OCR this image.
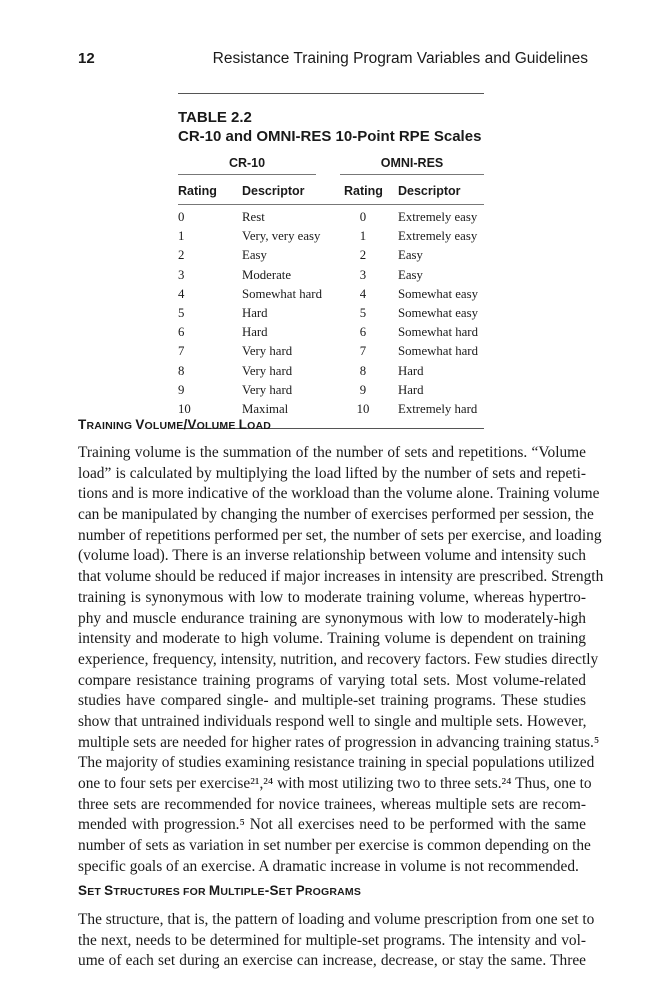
12	Resistance Training Program Variables and Guidelines
TABLE 2.2
CR-10 and OMNI-RES 10-Point RPE Scales
CR-10	OMNI-RES
Rating Descriptor	Rating Descriptor
0	Rest	0	Extremely easy
1	Very, very easy	1	Extremely easy
2	Easy	2	Easy
3	Moderate	3	Easy
4	Somewhat hard	4	Somewhat easy
5	Hard	5	Somewhat easy
6	Hard	6	Somewhat hard
7	Very hard	7	Somewhat hard
8	Very hard	8	Hard
9	Very hard	9	Hard
10	Maximal	10	Extremely hard
TRAINING VOLUME/VOLUME LOAD
Training volume is the summation of the number of sets and repetitions. “Volume
load” is calculated by multiplying the load lifted by the number of sets and repeti-
tions and is more indicative of the workload than the volume alone. Training volume
can be manipulated by changing the number of exercises performed per session, the
number of repetitions performed per set, the number of sets per exercise, and loading
(volume load). There is an inverse relationship between volume and intensity such
that volume should be reduced if major increases in intensity are prescribed. Strength
training is synonymous with low to moderate training volume, whereas hypertro-
phy and muscle endurance training are synonymous with low to moderately-high
intensity and moderate to high volume. Training volume is dependent on training
experience, frequency, intensity, nutrition, and recovery factors. Few studies directly
compare resistance training programs of varying total sets. Most volume-related
studies have compared single- and multiple-set training programs. These studies
show that untrained individuals respond well to single and multiple sets. However,
multiple sets are needed for higher rates of progression in advancing training status.⁵
The majority of studies examining resistance training in special populations utilized
one to four sets per exercise²¹,²⁴ with most utilizing two to three sets.²⁴ Thus, one to
three sets are recommended for novice trainees, whereas multiple sets are recom-
mended with progression.⁵ Not all exercises need to be performed with the same
number of sets as variation in set number per exercise is common depending on the
specific goals of an exercise. A dramatic increase in volume is not recommended.
SET STRUCTURES FOR MULTIPLE-SET PROGRAMS
The structure, that is, the pattern of loading and volume prescription from one set to
the next, needs to be determined for multiple-set programs. The intensity and vol-
ume of each set during an exercise can increase, decrease, or stay the same. Three
